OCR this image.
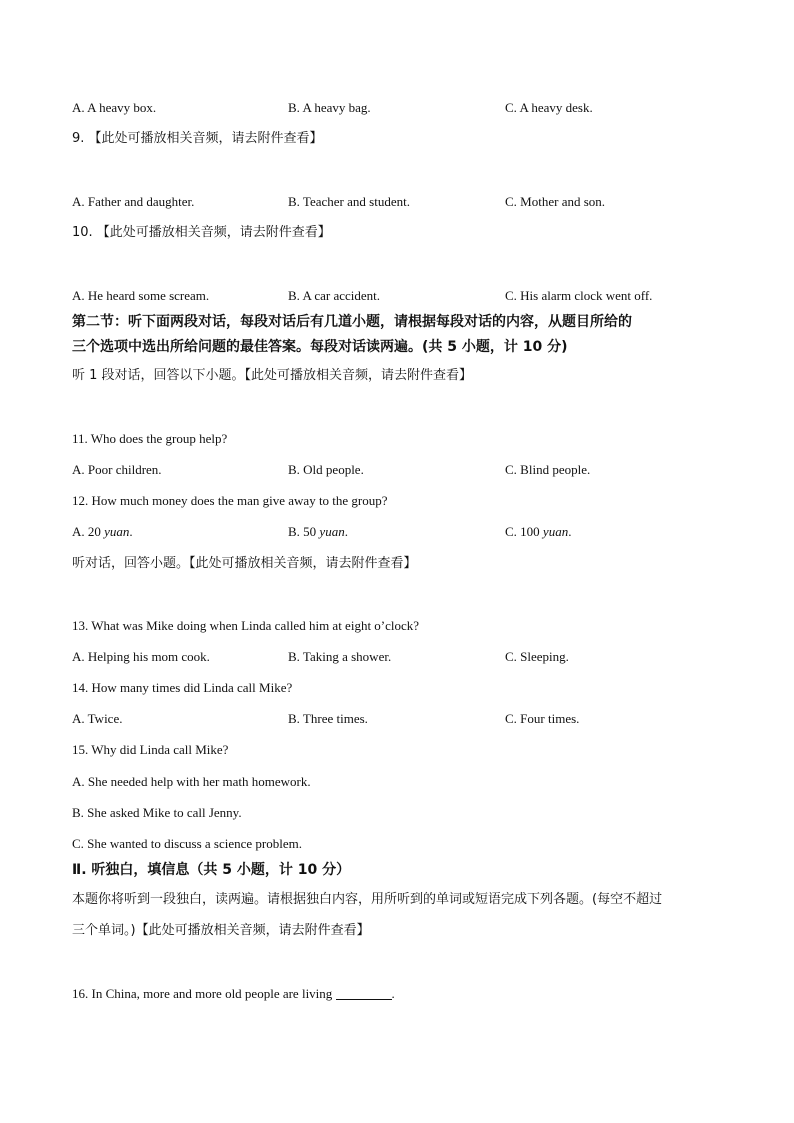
A. A heavy box.	B. A heavy bag.	C. A heavy desk.
9. 【此处可播放相关音频，请去附件查看】
A. Father and daughter.	B. Teacher and student.	C. Mother and son.
10. 【此处可播放相关音频，请去附件查看】
A. He heard some scream.	B. A car accident.	C. His alarm clock went off.
第二节：听下面两段对话，每段对话后有几道小题，请根据每段对话的内容，从题目所给的
三个选项中选出所给问题的最佳答案。每段对话读两遍。(共 5 小题，计 10 分)
听 1 段对话，回答以下小题。【此处可播放相关音频，请去附件查看】
11. Who does the group help?
A. Poor children.	B. Old people.	C. Blind people.
12. How much money does the man give away to the group?
A. 20 yuan.	B. 50 yuan.	C. 100 yuan.
听对话，回答小题。【此处可播放相关音频，请去附件查看】
13. What was Mike doing when Linda called him at eight o’clock?
A. Helping his mom cook.	B. Taking a shower.	C. Sleeping.
14. How many times did Linda call Mike?
A. Twice.	B. Three times.	C. Four times.
15. Why did Linda call Mike?
A. She needed help with her math homework.
B. She asked Mike to call Jenny.
C. She wanted to discuss a science problem.
Ⅱ. 听独白，填信息（共 5 小题，计 10 分）
本题你将听到一段独白，读两遍。请根据独白内容，用所听到的单词或短语完成下列各题。(每空不超过
三个单词。)【此处可播放相关音频，请去附件查看】
16. In China, more and more old people are living	.
